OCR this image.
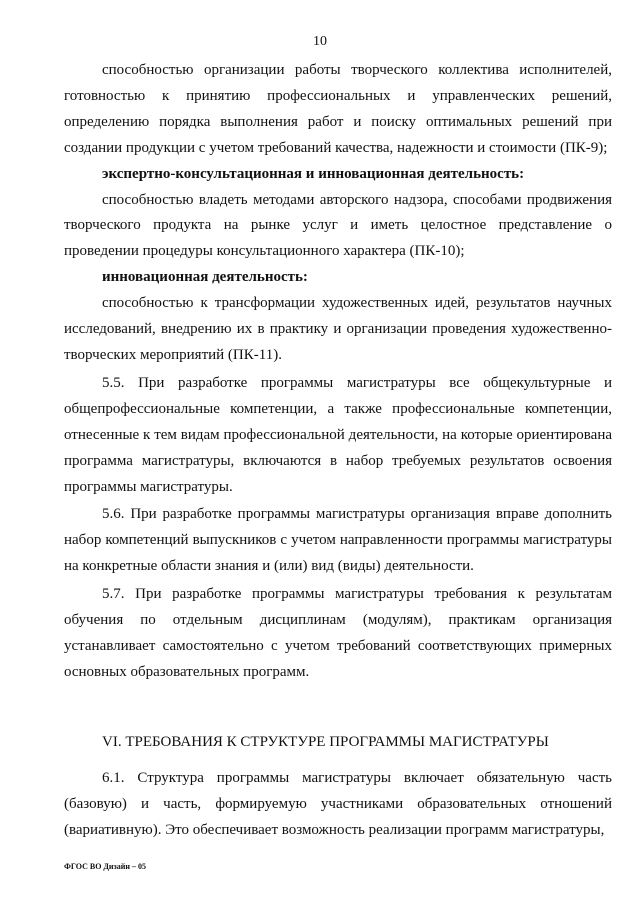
10

способностью организации работы творческого коллектива исполнителей, готовностью к принятию профессиональных и управленческих решений, определению порядка выполнения работ и поиску оптимальных решений при создании продукции с учетом требований качества, надежности и стоимости (ПК-9);

экспертно-консультационная и инновационная деятельность:

способностью владеть методами авторского надзора, способами продвижения творческого продукта на рынке услуг и иметь целостное представление о проведении процедуры консультационного характера (ПК-10);

инновационная деятельность:

способностью к трансформации художественных идей, результатов научных исследований, внедрению их в практику и организации проведения художественно-творческих мероприятий (ПК-11).

5.5. При разработке программы магистратуры все общекультурные и общепрофессиональные компетенции, а также профессиональные компетенции, отнесенные к тем видам профессиональной деятельности, на которые ориентирована программа магистратуры, включаются в набор требуемых результатов освоения программы магистратуры.

5.6. При разработке программы магистратуры организация вправе дополнить набор компетенций выпускников с учетом направленности программы магистратуры на конкретные области знания и (или) вид (виды) деятельности.

5.7. При разработке программы магистратуры требования к результатам обучения по отдельным дисциплинам (модулям), практикам организация устанавливает самостоятельно с учетом требований соответствующих примерных основных образовательных программ.

VI. ТРЕБОВАНИЯ К СТРУКТУРЕ ПРОГРАММЫ МАГИСТРАТУРЫ

6.1. Структура программы магистратуры включает обязательную часть (базовую) и часть, формируемую участниками образовательных отношений (вариативную). Это обеспечивает возможность реализации программ магистратуры,

ФГОС ВО Дизайн – 05
